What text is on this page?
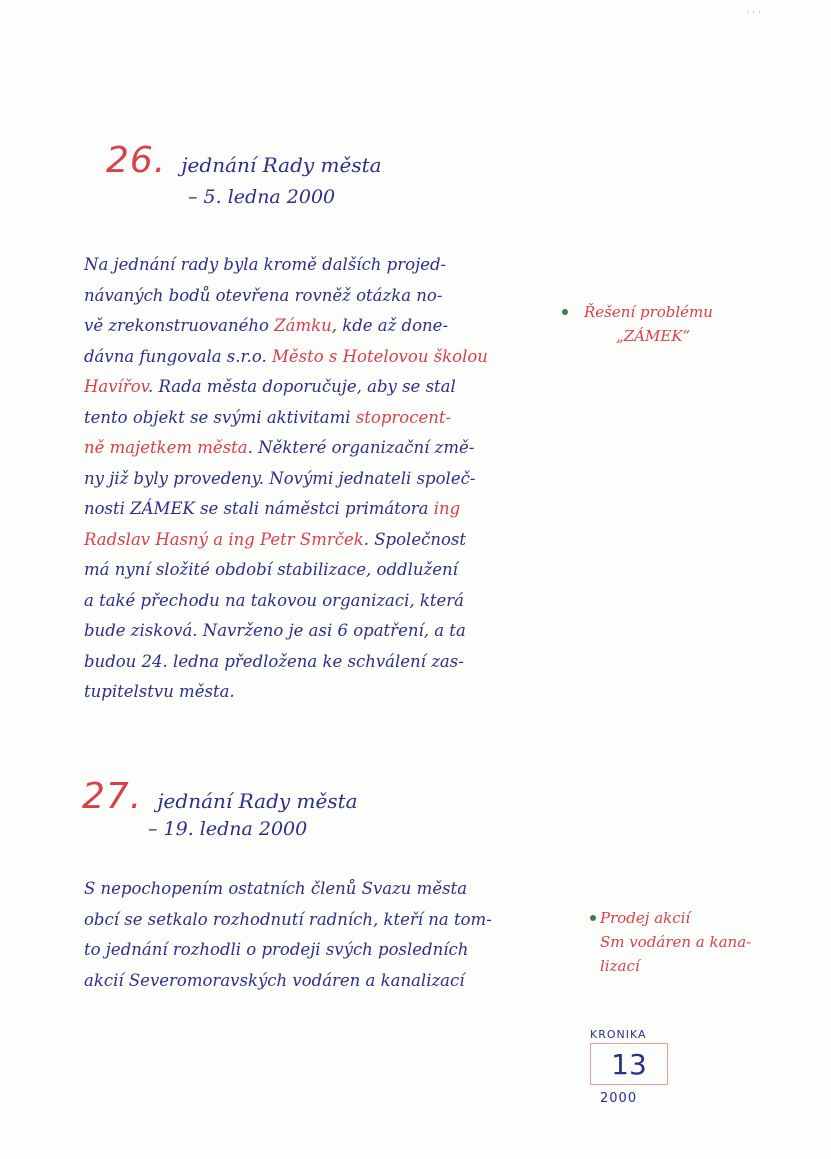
' ' '
26. jednání Rady města
– 5. ledna 2000
Na jednání rady byla kromě dalších projed-
návaných bodů otevřena rovněž otázka no-
vě zrekonstruovaného Zámku, kde až done-
dávna fungovala s.r.o. Město s Hotelovou školou
Havířov. Rada města doporučuje, aby se stal
tento objekt se svými aktivitami stoprocent-
ně majetkem města. Některé organizační změ-
ny již byly provedeny. Novými jednateli společ-
nosti ZÁMEK se stali náměstci primátora ing
Radslav Hasný a ing Petr Smrček. Společnost
má nyní složité období stabilizace, oddlužení
a také přechodu na takovou organizaci, která
bude zisková. Navrženo je asi 6 opatření, a ta
budou 24. ledna předložena ke schválení zas-
tupitelstvu města.
Řešení problému
„ZÁMEK“
27. jednání Rady města
– 19. ledna 2000
S nepochopením ostatních členů Svazu města
obcí se setkalo rozhodnutí radních, kteří na tom-
to jednání rozhodli o prodeji svých posledních
akcií Severomoravských vodáren a kanalizací
Prodej akcií
Sm vodáren a kana-
lizací
KRONIKA
13
2000
